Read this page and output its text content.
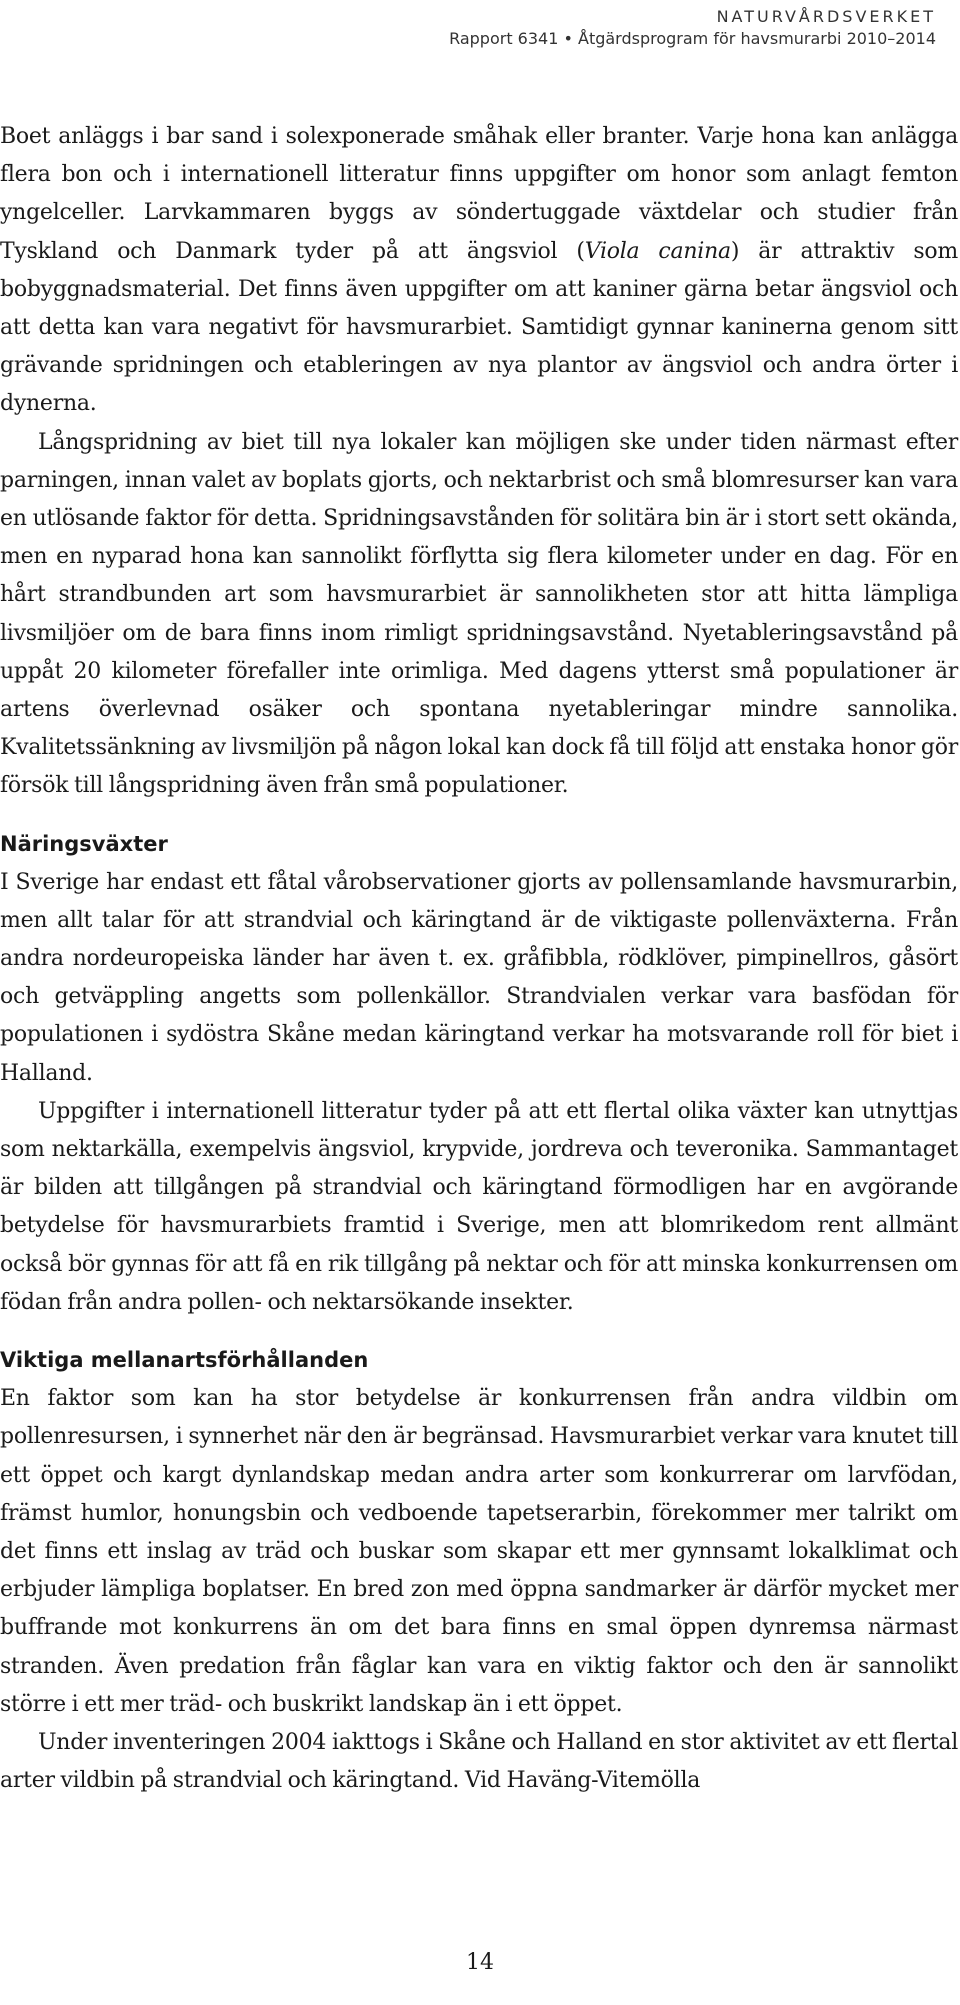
NATURVÅRDSVERKET
Rapport 6341 • Åtgärdsprogram för havsmurarbi 2010–2014

Boet anläggs i bar sand i solexponerade småhak eller branter. Varje hona kan anlägga flera bon och i internationell litteratur finns uppgifter om honor som anlagt femton yngelceller. Larvkammaren byggs av söndertuggade växtdelar och studier från Tyskland och Danmark tyder på att ängsviol (Viola canina) är attraktiv som bobyggnadsmaterial. Det finns även uppgifter om att kaniner gärna betar ängsviol och att detta kan vara negativt för havsmurarbiet. Samtidigt gynnar kaninerna genom sitt grävande spridningen och etableringen av nya plantor av ängsviol och andra örter i dynerna.

Långspridning av biet till nya lokaler kan möjligen ske under tiden närmast efter parningen, innan valet av boplats gjorts, och nektarbrist och små blomresurser kan vara en utlösande faktor för detta. Spridningsavstånden för solitära bin är i stort sett okända, men en nyparad hona kan sannolikt förflytta sig flera kilometer under en dag. För en hårt strandbunden art som havsmurarbiet är sannolikheten stor att hitta lämpliga livsmiljöer om de bara finns inom rimligt spridningsavstånd. Nyetableringsavstånd på uppåt 20 kilometer förefaller inte orimliga. Med dagens ytterst små populationer är artens överlevnad osäker och spontana nyetableringar mindre sannolika. Kvalitetssänkning av livsmiljön på någon lokal kan dock få till följd att enstaka honor gör försök till långspridning även från små populationer.

Näringsväxter

I Sverige har endast ett fåtal vårobservationer gjorts av pollensamlande havsmurarbin, men allt talar för att strandvial och käringtand är de viktigaste pollenväxterna. Från andra nordeuropeiska länder har även t. ex. gråfibbla, rödklöver, pimpinellros, gåsört och getväppling angetts som pollenkällor. Strandvialen verkar vara basfödan för populationen i sydöstra Skåne medan käringtand verkar ha motsvarande roll för biet i Halland.

Uppgifter i internationell litteratur tyder på att ett flertal olika växter kan utnyttjas som nektarkälla, exempelvis ängsviol, krypvide, jordreva och teveronika. Sammantaget är bilden att tillgången på strandvial och käringtand förmodligen har en avgörande betydelse för havsmurarbiets framtid i Sverige, men att blomrikedom rent allmänt också bör gynnas för att få en rik tillgång på nektar och för att minska konkurrensen om födan från andra pollen- och nektarsökande insekter.

Viktiga mellanartsförhållanden

En faktor som kan ha stor betydelse är konkurrensen från andra vildbin om pollenresursen, i synnerhet när den är begränsad. Havsmurarbiet verkar vara knutet till ett öppet och kargt dynlandskap medan andra arter som konkurrerar om larvfödan, främst humlor, honungsbin och vedboende tapetserarbin, förekommer mer talrikt om det finns ett inslag av träd och buskar som skapar ett mer gynnsamt lokalklimat och erbjuder lämpliga boplatser. En bred zon med öppna sandmarker är därför mycket mer buffrande mot konkurrens än om det bara finns en smal öppen dynremsa närmast stranden. Även predation från fåglar kan vara en viktig faktor och den är sannolikt större i ett mer träd- och buskrikt landskap än i ett öppet.

Under inventeringen 2004 iakttogs i Skåne och Halland en stor aktivitet av ett flertal arter vildbin på strandvial och käringtand. Vid Haväng-Vitemölla

14
